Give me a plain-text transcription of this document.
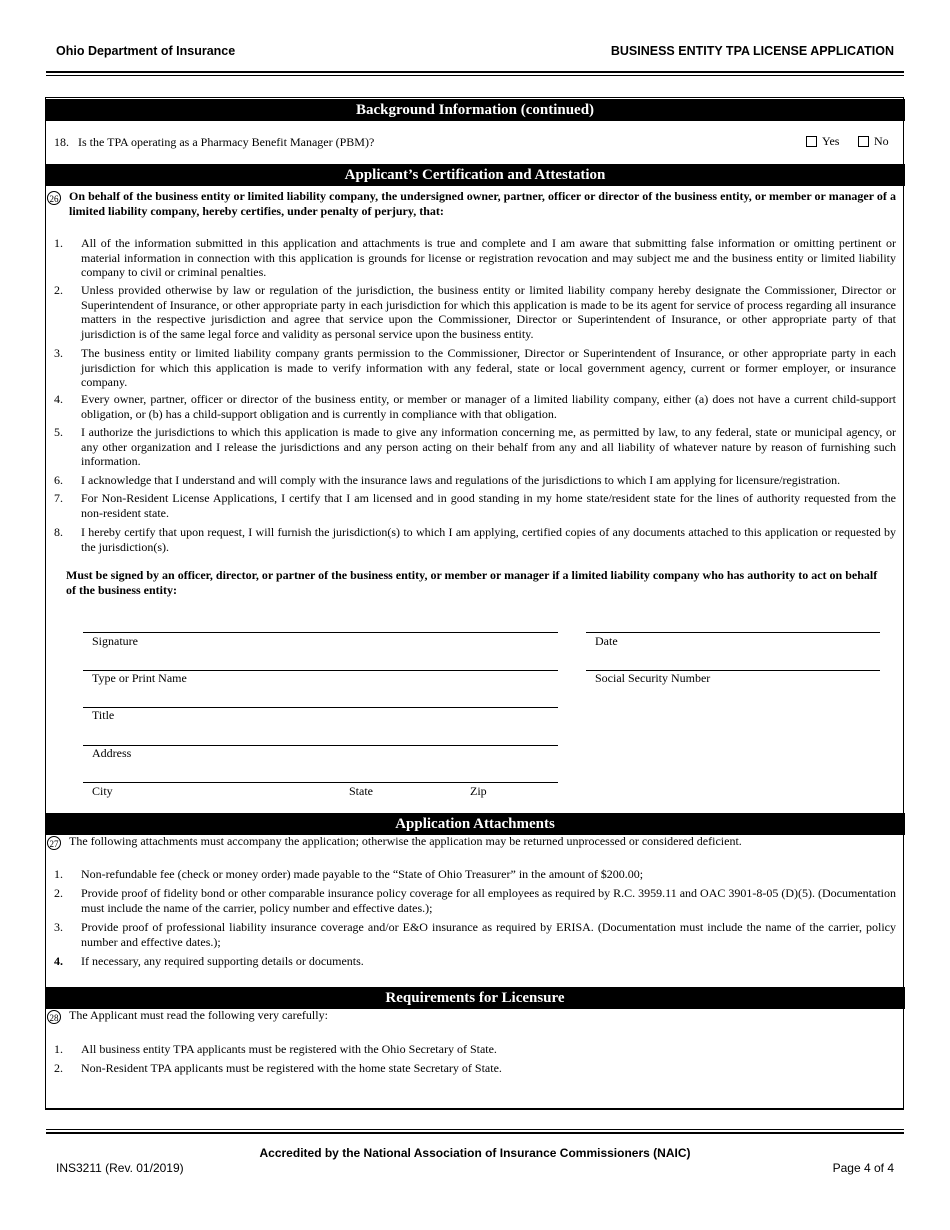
Ohio Department of Insurance	BUSINESS ENTITY TPA LICENSE APPLICATION
Background Information (continued)
18. Is the TPA operating as a Pharmacy Benefit Manager (PBM)?	Yes	No
Applicant’s Certification and Attestation
26 On behalf of the business entity or limited liability company, the undersigned owner, partner, officer or director of the business entity, or member or manager of a limited liability company, hereby certifies, under penalty of perjury, that:
1. All of the information submitted in this application and attachments is true and complete and I am aware that submitting false information or omitting pertinent or material information in connection with this application is grounds for license or registration revocation and may subject me and the business entity or limited liability company to civil or criminal penalties.
2. Unless provided otherwise by law or regulation of the jurisdiction, the business entity or limited liability company hereby designate the Commissioner, Director or Superintendent of Insurance, or other appropriate party in each jurisdiction for which this application is made to be its agent for service of process regarding all insurance matters in the respective jurisdiction and agree that service upon the Commissioner, Director or Superintendent of Insurance, or other appropriate party of that jurisdiction is of the same legal force and validity as personal service upon the business entity.
3. The business entity or limited liability company grants permission to the Commissioner, Director or Superintendent of Insurance, or other appropriate party in each jurisdiction for which this application is made to verify information with any federal, state or local government agency, current or former employer, or insurance company.
4. Every owner, partner, officer or director of the business entity, or member or manager of a limited liability company, either (a) does not have a current child-support obligation, or (b) has a child-support obligation and is currently in compliance with that obligation.
5. I authorize the jurisdictions to which this application is made to give any information concerning me, as permitted by law, to any federal, state or municipal agency, or any other organization and I release the jurisdictions and any person acting on their behalf from any and all liability of whatever nature by reason of furnishing such information.
6. I acknowledge that I understand and will comply with the insurance laws and regulations of the jurisdictions to which I am applying for licensure/registration.
7. For Non-Resident License Applications, I certify that I am licensed and in good standing in my home state/resident state for the lines of authority requested from the non-resident state.
8. I hereby certify that upon request, I will furnish the jurisdiction(s) to which I am applying, certified copies of any documents attached to this application or requested by the jurisdiction(s).
Must be signed by an officer, director, or partner of the business entity, or member or manager if a limited liability company who has authority to act on behalf of the business entity:
Signature	Date
Type or Print Name	Social Security Number
Title
Address
City	State	Zip
Application Attachments
27 The following attachments must accompany the application; otherwise the application may be returned unprocessed or considered deficient.
1. Non-refundable fee (check or money order) made payable to the “State of Ohio Treasurer” in the amount of $200.00;
2. Provide proof of fidelity bond or other comparable insurance policy coverage for all employees as required by R.C. 3959.11 and OAC 3901-8-05 (D)(5). (Documentation must include the name of the carrier, policy number and effective dates.);
3. Provide proof of professional liability insurance coverage and/or E&O insurance as required by ERISA. (Documentation must include the name of the carrier, policy number and effective dates.);
4. If necessary, any required supporting details or documents.
Requirements for Licensure
28 The Applicant must read the following very carefully:
1. All business entity TPA applicants must be registered with the Ohio Secretary of State.
2. Non-Resident TPA applicants must be registered with the home state Secretary of State.
Accredited by the National Association of Insurance Commissioners (NAIC)
INS3211 (Rev. 01/2019)	Page 4 of 4
